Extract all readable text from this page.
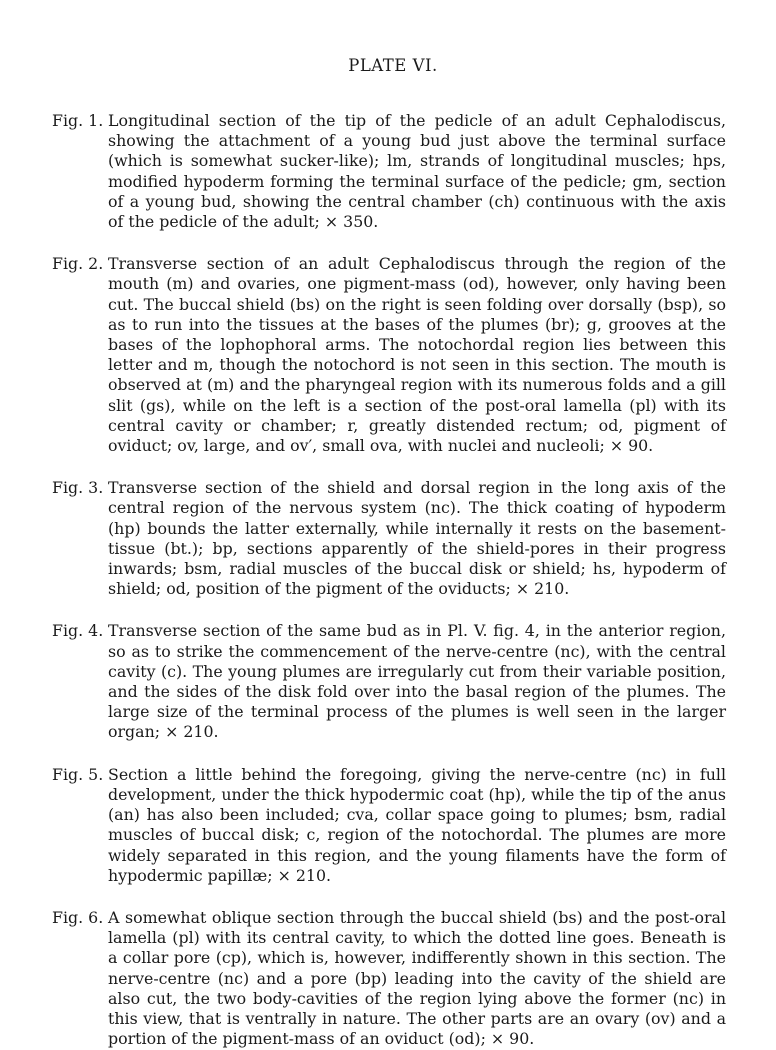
PLATE VI.
Fig. 1. Longitudinal section of the tip of the pedicle of an adult Cephalodiscus, showing the attachment of a young bud just above the terminal surface (which is somewhat sucker-like); lm, strands of longitudinal muscles; hps, modified hypoderm forming the terminal surface of the pedicle; gm, section of a young bud, showing the central chamber (ch) continuous with the axis of the pedicle of the adult; × 350.
Fig. 2. Transverse section of an adult Cephalodiscus through the region of the mouth (m) and ovaries, one pigment-mass (od), however, only having been cut. The buccal shield (bs) on the right is seen folding over dorsally (bsp), so as to run into the tissues at the bases of the plumes (br); g, grooves at the bases of the lophophoral arms. The notochordal region lies between this letter and m, though the notochord is not seen in this section. The mouth is observed at (m) and the pharyngeal region with its numerous folds and a gill slit (gs), while on the left is a section of the post-oral lamella (pl) with its central cavity or chamber; r, greatly distended rectum; od, pigment of oviduct; ov, large, and ov′, small ova, with nuclei and nucleoli; × 90.
Fig. 3. Transverse section of the shield and dorsal region in the long axis of the central region of the nervous system (nc). The thick coating of hypoderm (hp) bounds the latter externally, while internally it rests on the basement-tissue (bt.); bp, sections apparently of the shield-pores in their progress inwards; bsm, radial muscles of the buccal disk or shield; hs, hypoderm of shield; od, position of the pigment of the oviducts; × 210.
Fig. 4. Transverse section of the same bud as in Pl. V. fig. 4, in the anterior region, so as to strike the commencement of the nerve-centre (nc), with the central cavity (c). The young plumes are irregularly cut from their variable position, and the sides of the disk fold over into the basal region of the plumes. The large size of the terminal process of the plumes is well seen in the larger organ; × 210.
Fig. 5. Section a little behind the foregoing, giving the nerve-centre (nc) in full development, under the thick hypodermic coat (hp), while the tip of the anus (an) has also been included; cva, collar space going to plumes; bsm, radial muscles of buccal disk; c, region of the notochordal. The plumes are more widely separated in this region, and the young filaments have the form of hypodermic papillæ; × 210.
Fig. 6. A somewhat oblique section through the buccal shield (bs) and the post-oral lamella (pl) with its central cavity, to which the dotted line goes. Beneath is a collar pore (cp), which is, however, indifferently shown in this section. The nerve-centre (nc) and a pore (bp) leading into the cavity of the shield are also cut, the two body-cavities of the region lying above the former (nc) in this view, that is ventrally in nature. The other parts are an ovary (ov) and a portion of the pigment-mass of an oviduct (od); × 90.
